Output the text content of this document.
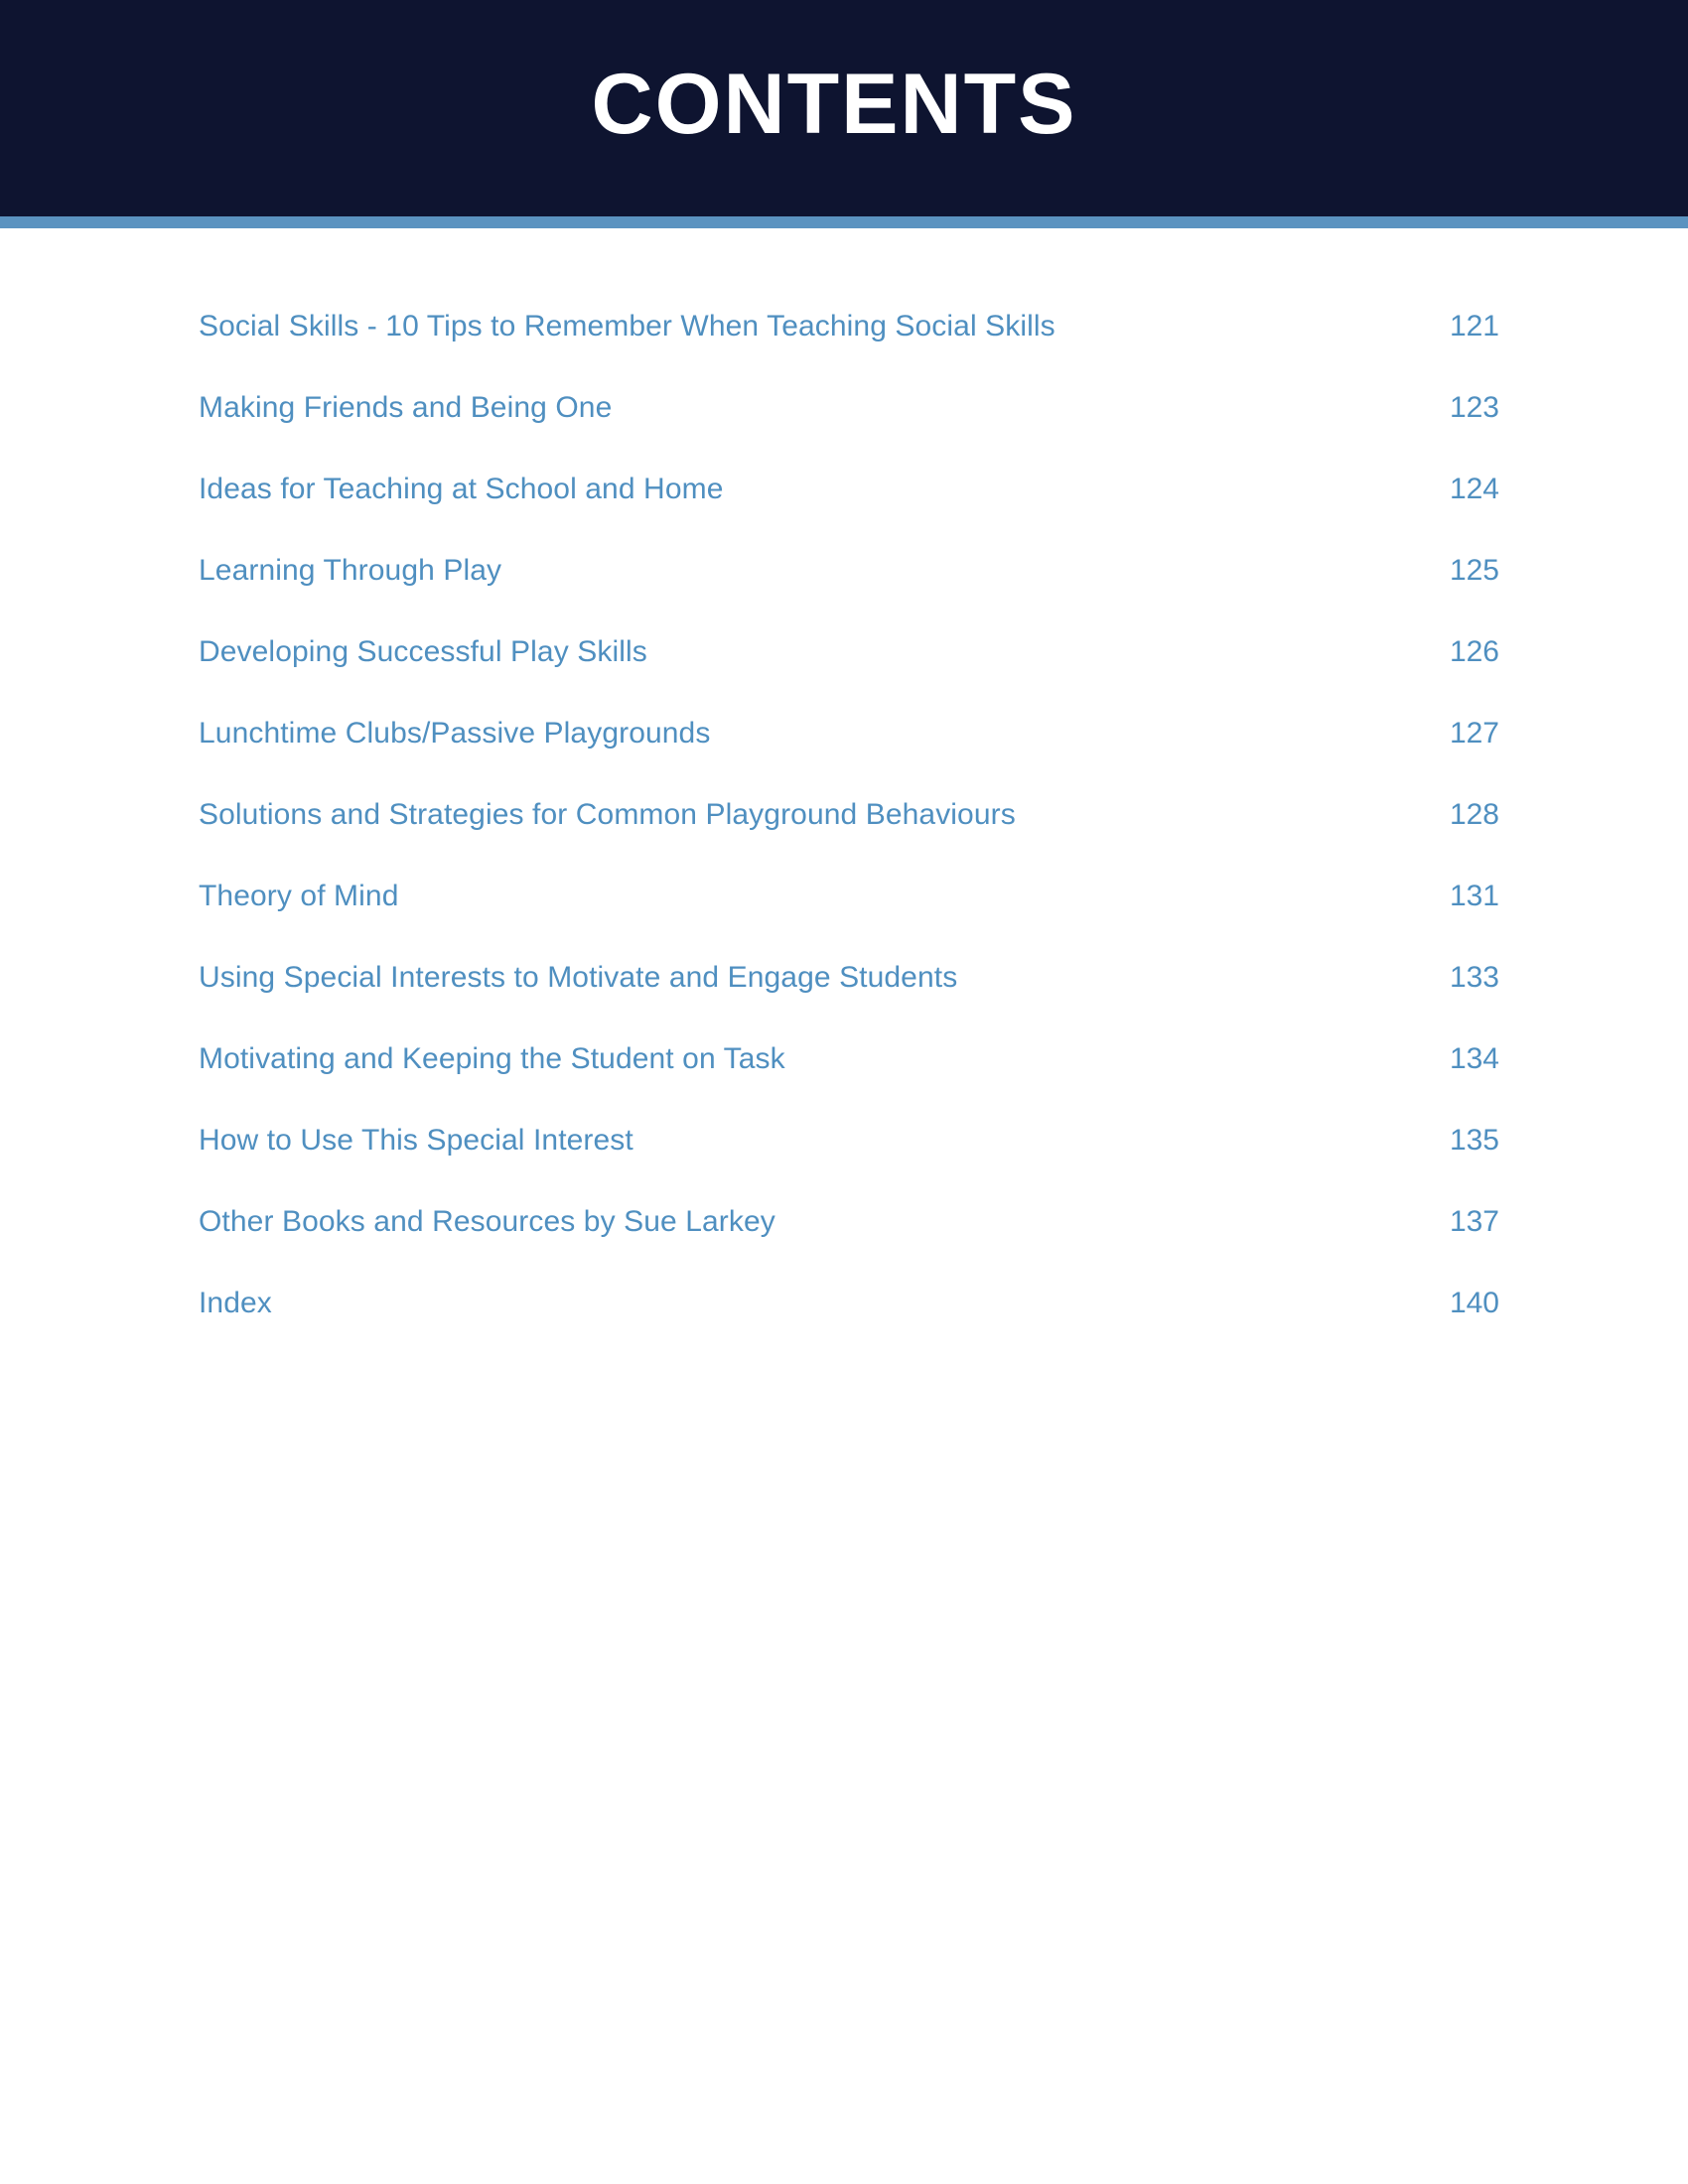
CONTENTS
Social Skills - 10 Tips to Remember When Teaching Social Skills	121
Making Friends and Being One	123
Ideas for Teaching at School and Home	124
Learning Through Play	125
Developing Successful Play Skills	126
Lunchtime Clubs/Passive Playgrounds	127
Solutions and Strategies for Common Playground Behaviours	128
Theory of Mind	131
Using Special Interests to Motivate and Engage Students	133
Motivating and Keeping the Student on Task	134
How to Use This Special Interest	135
Other Books and Resources by Sue Larkey	137
Index	140
